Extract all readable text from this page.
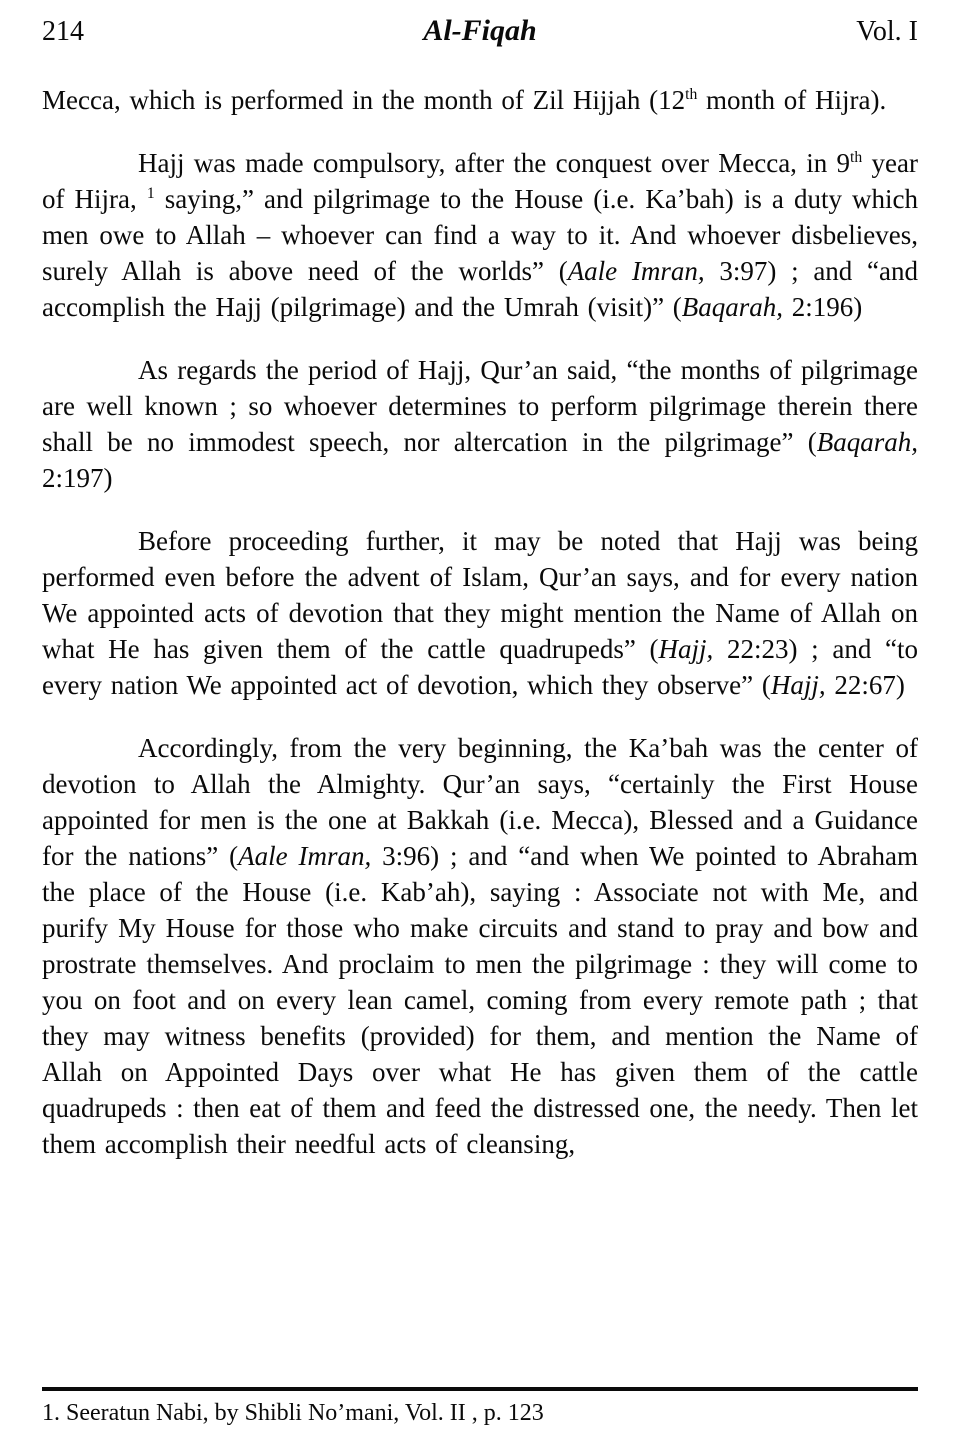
214	Al-Fiqah	Vol. I

Mecca, which is performed in the month of Zil Hijjah (12th month of Hijra).

Hajj was made compulsory, after the conquest over Mecca, in 9th year of Hijra, $^1$ saying,” and pilgrimage to the House (i.e. Ka’bah) is a duty which men owe to Allah – whoever can find a way to it. And whoever disbelieves, surely Allah is above need of the worlds” (Aale Imran, 3:97) ; and “and accomplish the Hajj (pilgrimage) and the Umrah (visit)” (Baqarah, 2:196)

As regards the period of Hajj, Qur’an said, “the months of pilgrimage are well known ; so whoever determines to perform pilgrimage therein there shall be no immodest speech, nor altercation in the pilgrimage” (Baqarah, 2:197)

Before proceeding further, it may be noted that Hajj was being performed even before the advent of Islam, Qur’an says, and for every nation We appointed acts of devotion that they might mention the Name of Allah on what He has given them of the cattle quadrupeds” (Hajj, 22:23) ; and “to every nation We appointed act of devotion, which they observe” (Hajj, 22:67)

Accordingly, from the very beginning, the Ka’bah was the center of devotion to Allah the Almighty. Qur’an says, “certainly the First House appointed for men is the one at Bakkah (i.e. Mecca), Blessed and a Guidance for the nations” (Aale Imran, 3:96) ; and “and when We pointed to Abraham the place of the House (i.e. Kab’ah), saying : Associate not with Me, and purify My House for those who make circuits and stand to pray and bow and prostrate themselves. And proclaim to men the pilgrimage : they will come to you on foot and on every lean camel, coming from every remote path ; that they may witness benefits (provided) for them, and mention the Name of Allah on Appointed Days over what He has given them of the cattle quadrupeds : then eat of them and feed the distressed one, the needy. Then let them accomplish their needful acts of cleansing,

1. Seeratun Nabi, by Shibli No’mani, Vol. II , p. 123
